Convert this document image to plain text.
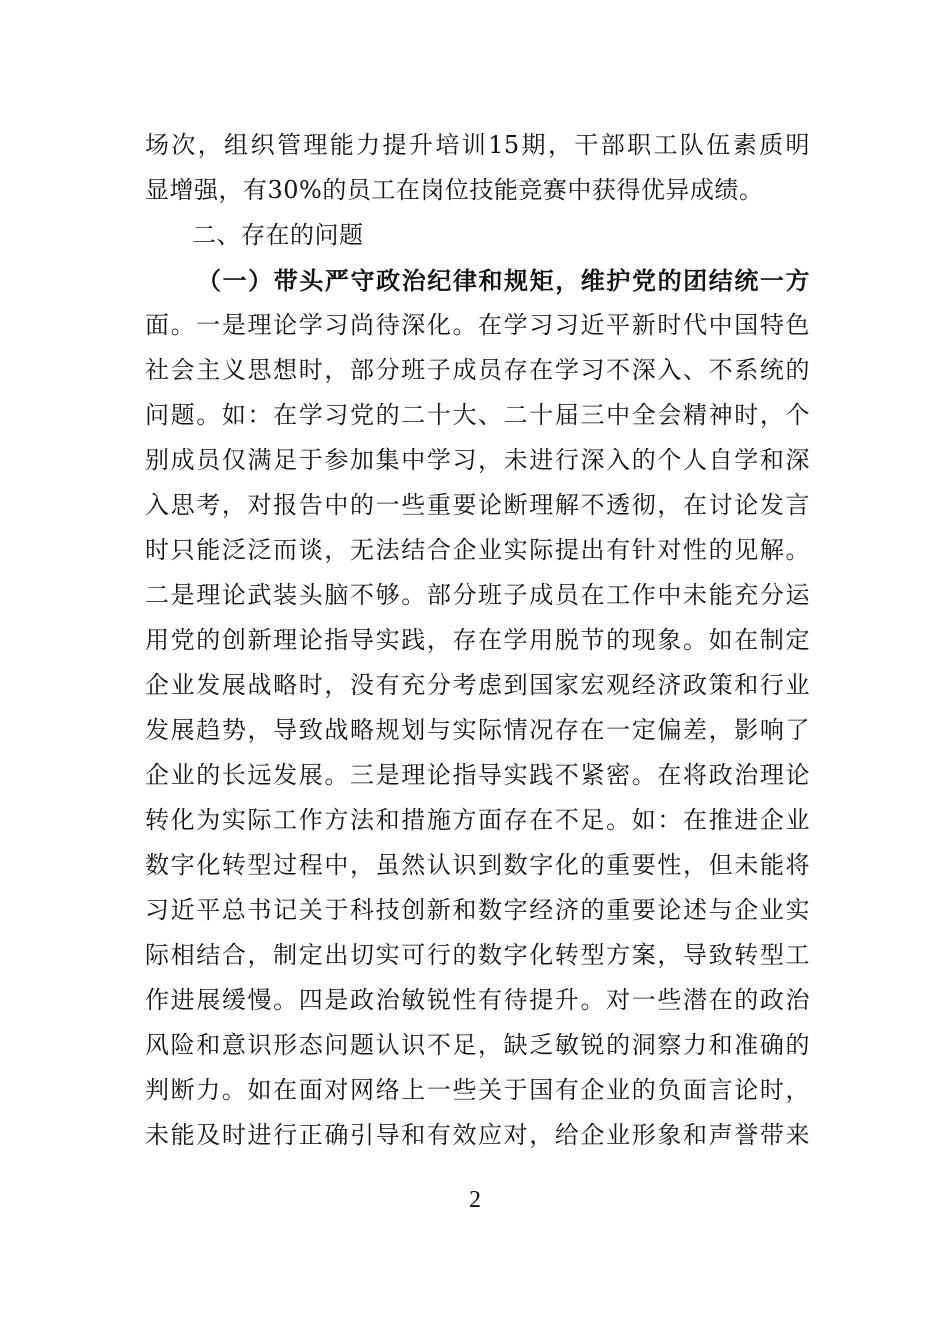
场次，组织管理能力提升培训15期，干部职工队伍素质明
显增强，有30%的员工在岗位技能竞赛中获得优异成绩。
二、存在的问题
（一）带头严守政治纪律和规矩，维护党的团结统一方
面。一是理论学习尚待深化。在学习习近平新时代中国特色
社会主义思想时，部分班子成员存在学习不深入、不系统的
问题。如：在学习党的二十大、二十届三中全会精神时，个
别成员仅满足于参加集中学习，未进行深入的个人自学和深
入思考，对报告中的一些重要论断理解不透彻，在讨论发言
时只能泛泛而谈，无法结合企业实际提出有针对性的见解。
二是理论武装头脑不够。部分班子成员在工作中未能充分运
用党的创新理论指导实践，存在学用脱节的现象。如在制定
企业发展战略时，没有充分考虑到国家宏观经济政策和行业
发展趋势，导致战略规划与实际情况存在一定偏差，影响了
企业的长远发展。三是理论指导实践不紧密。在将政治理论
转化为实际工作方法和措施方面存在不足。如：在推进企业
数字化转型过程中，虽然认识到数字化的重要性，但未能将
习近平总书记关于科技创新和数字经济的重要论述与企业实
际相结合，制定出切实可行的数字化转型方案，导致转型工
作进展缓慢。四是政治敏锐性有待提升。对一些潜在的政治
风险和意识形态问题认识不足，缺乏敏锐的洞察力和准确的
判断力。如在面对网络上一些关于国有企业的负面言论时，
未能及时进行正确引导和有效应对，给企业形象和声誉带来
2
